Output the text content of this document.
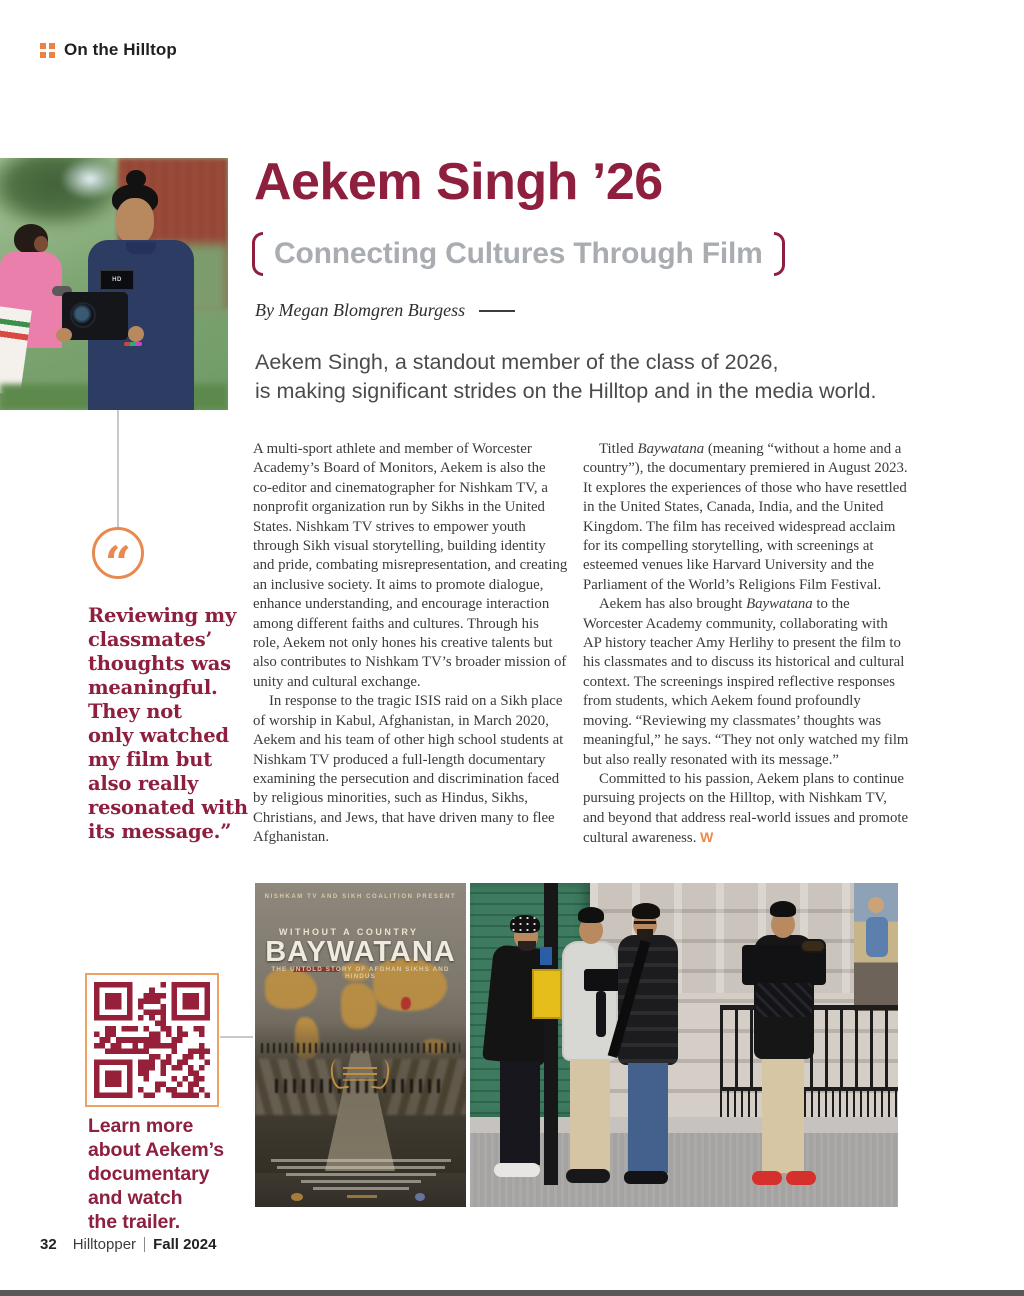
On the Hilltop
HD
Aekem Singh ’26
Connecting Cultures Through Film
By Megan Blomgren Burgess
Aekem Singh, a standout member of the class of 2026,
is making significant strides on the Hilltop and in the media world.
“
Reviewing my
classmates’
thoughts was
meaningful.
They not
only watched
my film but
also really
resonated with
its message.”

A multi-sport athlete and member of Worcester Academy’s Board of Monitors, Aekem is also the co-editor and cinematographer for Nishkam TV, a nonprofit organization run by Sikhs in the United States. Nishkam TV strives to empower youth through Sikh visual storytelling, building identity and pride, combating misrepresentation, and creating an inclusive society. It aims to promote dialogue, enhance understanding, and encourage interaction among different faiths and cultures. Through his role, Aekem not only hones his creative talents but also contributes to Nishkam TV’s broader mission of unity and cultural exchange.

In response to the tragic ISIS raid on a Sikh place of worship in Kabul, Afghanistan, in March 2020, Aekem and his team of other high school students at Nishkam TV produced a full-length documentary examining the persecution and discrimination faced by religious minorities, such as Hindus, Sikhs, Christians, and Jews, that have driven many to flee Afghanistan.

Titled Baywatana (meaning “without a home and a country”), the documentary premiered in August 2023. It explores the experiences of those who have resettled in the United States, Canada, India, and the United Kingdom. The film has received widespread acclaim for its compelling storytelling, with screenings at esteemed venues like Harvard University and the Parliament of the World’s Religions Film Festival.

Aekem has also brought Baywatana to the Worcester Academy community, collaborating with AP history teacher Amy Herlihy to present the film to his classmates and to discuss its historical and cultural context. The screenings inspired reflective responses from students, which Aekem found profoundly moving. “Reviewing my classmates’ thoughts was meaningful,” he says. “They not only watched my film but also really resonated with its message.”

Committed to his passion, Aekem plans to continue pursuing projects on the Hilltop, with Nishkam TV, and beyond that address real-world issues and promote cultural awareness. W

Learn more
about Aekem’s
documentary
and watch
the trailer.
NISHKAM TV AND SIKH COALITION PRESENT
WITHOUT A COUNTRY
BAYWATANA
THE UNTOLD STORY OF AFGHAN SIKHS AND HINDUS
32 Hilltopper Fall 2024
